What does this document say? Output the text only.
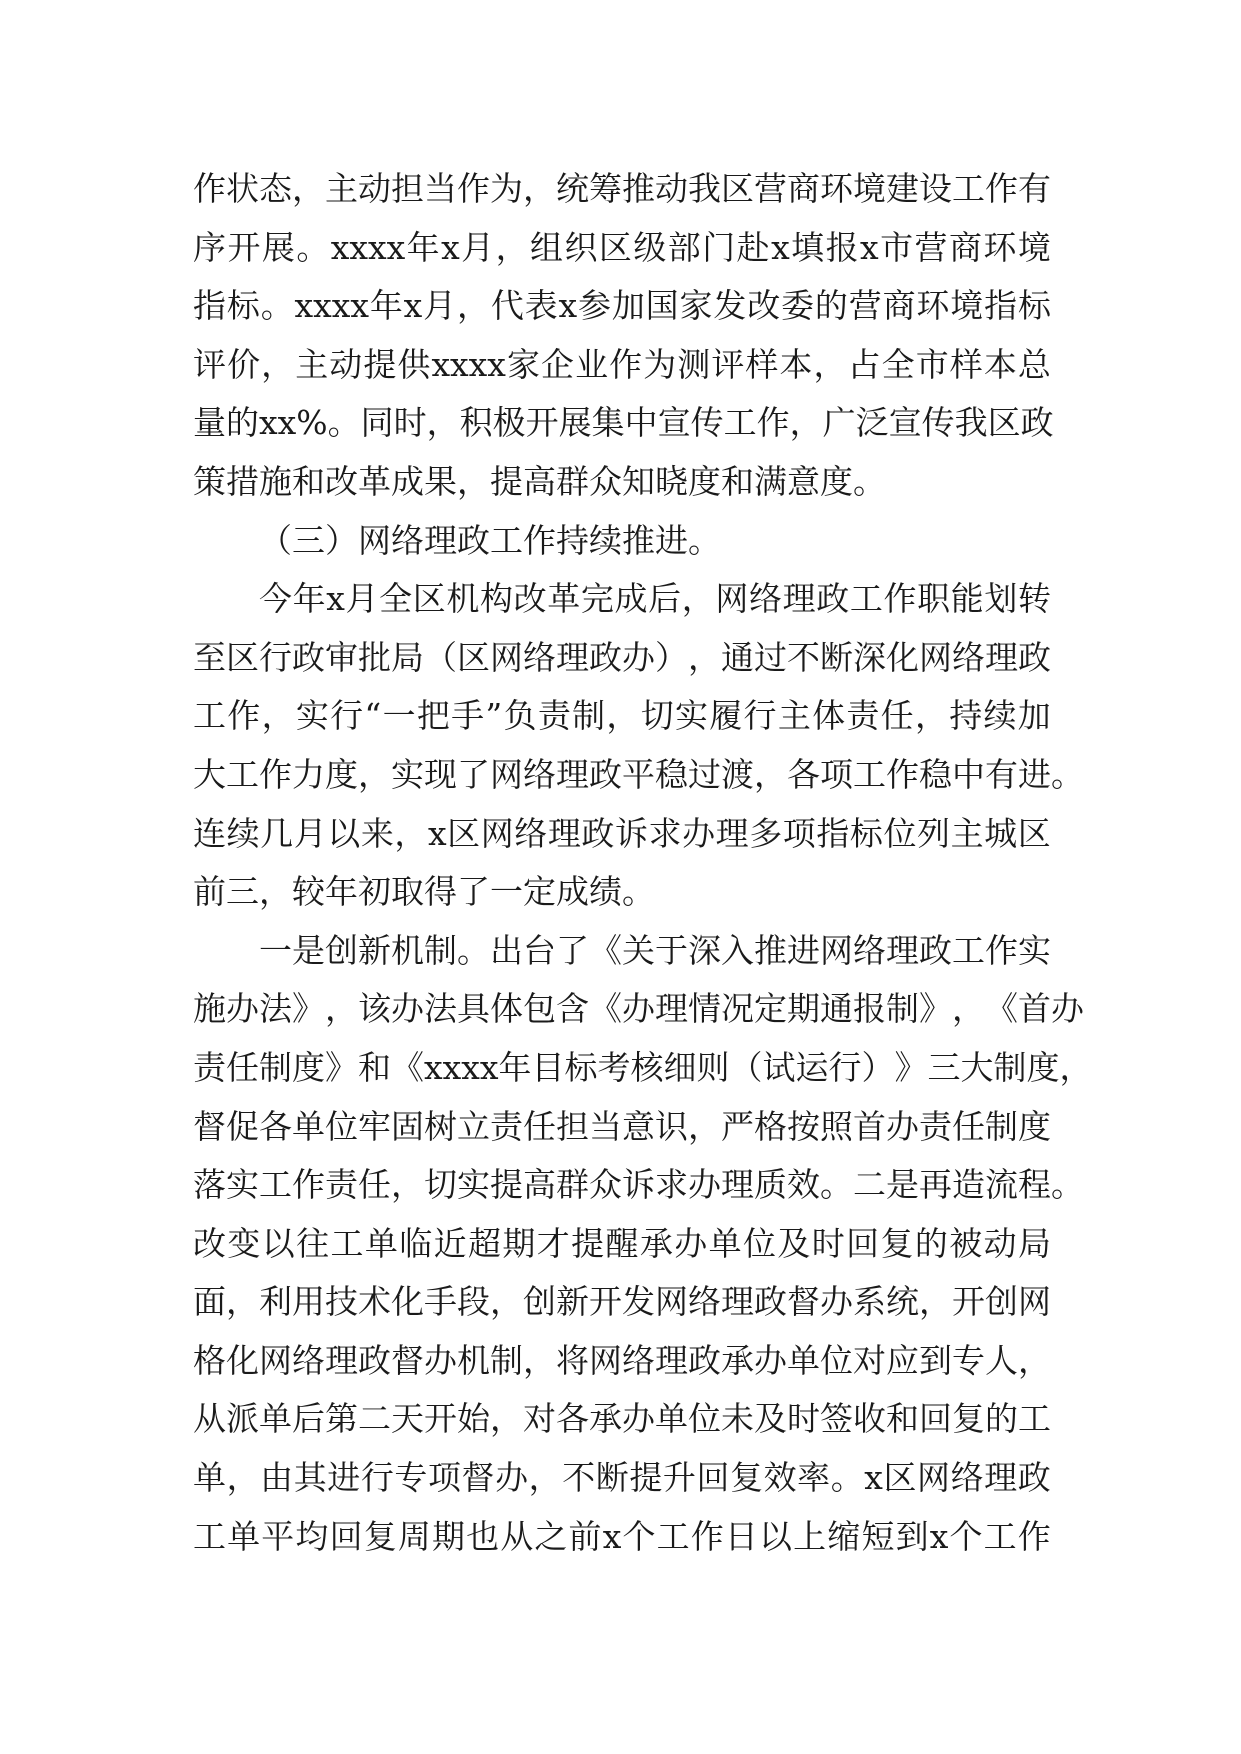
作 状 态 ， 主 动 担 当 作 为 ， 统 筹 推 动 我 区 营 商 环 境 建 设 工 作 有
序 开 展 。 xxxx 年 x 月 ， 组 织 区 级 部 门 赴 x 填 报 x 市 营 商 环 境
指 标 。 xxxx 年 x 月 ， 代 表 x 参 加 国 家 发 改 委 的 营 商 环 境 指 标
评 价 ， 主 动 提 供 xxxx 家 企 业 作 为 测 评 样 本 ， 占 全 市 样 本 总
量 的 xx% 。 同 时 ， 积 极 开 展 集 中 宣 传 工 作 ， 广 泛 宣 传 我 区 政
策措施和改革成果，提高群众知晓度和满意度。
（三）网络理政工作持续推进。
今 年 x 月 全 区 机 构 改 革 完 成 后 ， 网 络 理 政 工 作 职 能 划 转
至 区 行 政 审 批 局 （ 区 网 络 理 政 办 ） ， 通 过 不 断 深 化 网 络 理 政
工 作 ， 实 行 “ 一 把 手 ” 负 责 制 ， 切 实 履 行 主 体 责 任 ， 持 续 加
大 工 作 力 度 ， 实 现 了 网 络 理 政 平 稳 过 渡 ， 各 项 工 作 稳 中 有 进 。
连 续 几 月 以 来 ， x 区 网 络 理 政 诉 求 办 理 多 项 指 标 位 列 主 城 区
前三，较年初取得了一定成绩。
一 是 创 新 机 制 。 出 台 了 《 关 于 深 入 推 进 网 络 理 政 工 作 实
施 办 法 》 ， 该 办 法 具 体 包 含 《 办 理 情 况 定 期 通 报 制 》 ， 《 首 办
责 任 制 度 》 和 《 xxxx 年 目 标 考 核 细 则 （ 试 运 行 ） 》 三 大 制 度 ，
督 促 各 单 位 牢 固 树 立 责 任 担 当 意 识 ， 严 格 按 照 首 办 责 任 制 度
落 实 工 作 责 任 ， 切 实 提 高 群 众 诉 求 办 理 质 效 。 二 是 再 造 流 程 。
改 变 以 往 工 单 临 近 超 期 才 提 醒 承 办 单 位 及 时 回 复 的 被 动 局
面 ， 利 用 技 术 化 手 段 ， 创 新 开 发 网 络 理 政 督 办 系 统 ， 开 创 网
格 化 网 络 理 政 督 办 机 制 ， 将 网 络 理 政 承 办 单 位 对 应 到 专 人 ，
从 派 单 后 第 二 天 开 始 ， 对 各 承 办 单 位 未 及 时 签 收 和 回 复 的 工
单 ， 由 其 进 行 专 项 督 办 ， 不 断 提 升 回 复 效 率 。 x 区 网 络 理 政
工 单 平 均 回 复 周 期 也 从 之 前 x 个 工 作 日 以 上 缩 短 到 x 个 工 作
